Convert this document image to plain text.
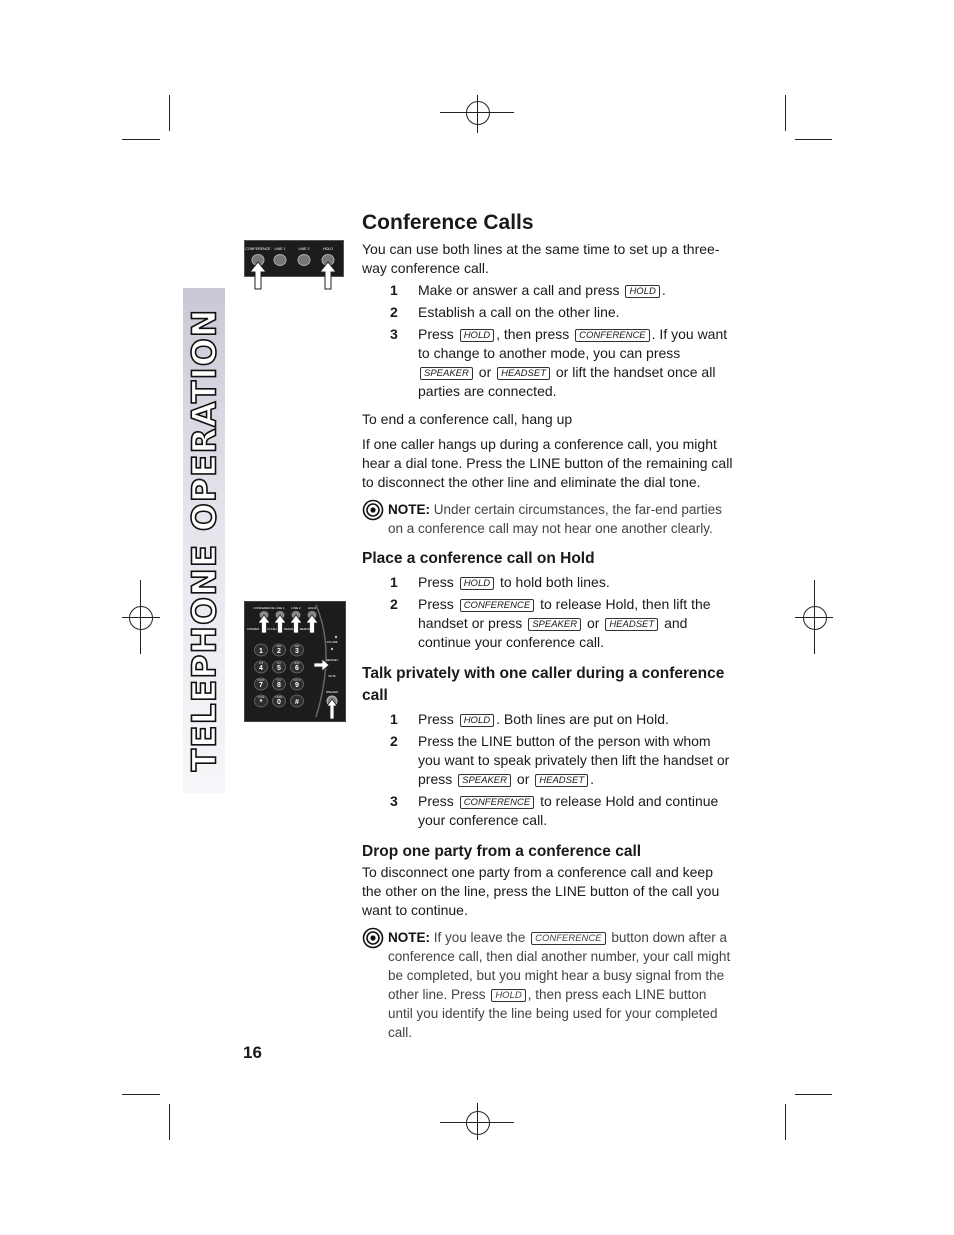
TELEPHONE OPERATION
CONFERENCE LINE 1	LINE 2	HOLD
CONFERENCE LINE 1 LINE 2 HOLD
ANSWER	FLASH	REDIAL MEMORY
1 2
ABC
3
DEF
4
GHI
5
JKL
6
MNO
7
PQRS
8
TUV
9
WXYZ
*
TONE
0
OPER
#
VOLUME
HEADSET
MUTE
SPEAKER
Conference Calls

You can use both lines at the same time to set up a three-way conference call.

1	Make or answer a call and press HOLD .
2	Establish a call on the other line.
3	Press HOLD , then press CONFERENCE . If you want to change to another mode, you can press SPEAKER or HEADSET or lift the handset once all parties are connected.

To end a conference call, hang up

If one caller hangs up during a conference call, you might hear a dial tone. Press the LINE button of the remaining call to disconnect the other line and eliminate the dial tone.

NOTE: Under certain circumstances, the far-end parties on a conference call may not hear one another clearly.
Place a conference call on Hold
1	Press HOLD to hold both lines.
2	Press CONFERENCE to release Hold, then lift the handset or press SPEAKER or HEADSET and continue your conference call.
Talk privately with one caller during a conference call
1	Press HOLD . Both lines are put on Hold.
2	Press the LINE button of the person with whom you want to speak privately then lift the handset or press SPEAKER or HEADSET .
3	Press CONFERENCE to release Hold and continue your conference call.
Drop one party from a conference call

To disconnect one party from a conference call and keep the other on the line, press the LINE button of the call you want to continue.

NOTE: If you leave the CONFERENCE button down after a conference call, then dial another number, your call might be completed, but you might hear a busy signal from the other line. Press HOLD , then press each LINE button until you identify the line being used for your completed call.
16
